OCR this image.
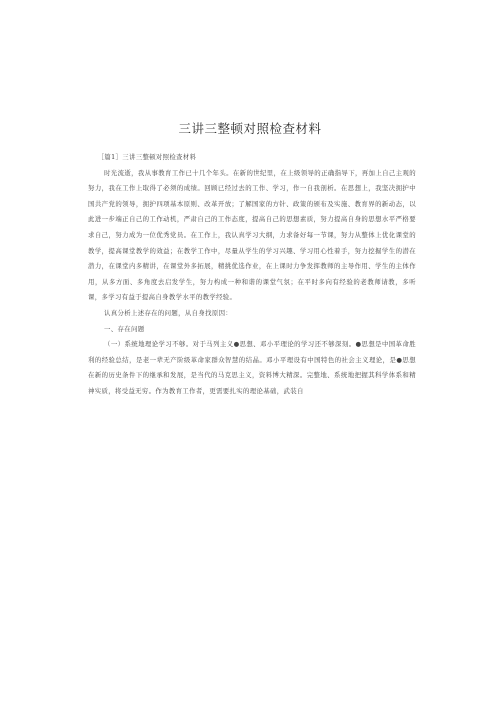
三讲三整顿对照检查材料

［篇1］三讲三整顿对照检查材料

时光流逝，我从事教育工作已十几个年头。在新的世纪里，在上级领导的正确指导下，再加上自己主观的努力，我在工作上取得了必须的成绩。回顾已经过去的工作、学习，作一自我剖析。在思想上，我坚决拥护中国共产党的领导，拥护四项基本原则、改革开放；了解国家的方针、政策的颁布及实施、教育界的新动态，以此进一步端正自己的工作动机，严肃自己的工作态度，提高自己的思想素质，努力提高自身的思想水平严格要求自己，努力成为一位优秀党员。在工作上，我认真学习大纲，力求备好每一节课，努力从整体上优化课堂的教学，提高课堂教学的效益；在教学工作中，尽量从学生的学习兴趣、学习用心性着手，努力挖掘学生的潜在潜力，在课堂内多精讲，在课堂外多拓展，精挑优选作业，在上课时力争发挥教师的主导作用、学生的主体作用，从多方面、多角度去启发学生，努力构成一种和谐的课堂气氛；在平时多向有经验的老教师请教，多听课，多学习有益于提高自身教学水平的教学经验。

认真分析上述存在的问题，从自身找原因：

一、存在问题

（一）系统地理论学习不够。对于马列主义●思想、邓小平理论的学习还不够深刻。●思想是中国革命胜利的经验总结，是老一辈无产阶级革命家群众智慧的结晶。邓小平理设有中国特色的社会主义理论，是●思想在新的历史条件下的继承和发展，是当代的马克思主义，资料博大精深。完整地、系统地把握其科学体系和精神实质，将受益无穷。作为教育工作者，更需要扎实的理论基础，武装自
